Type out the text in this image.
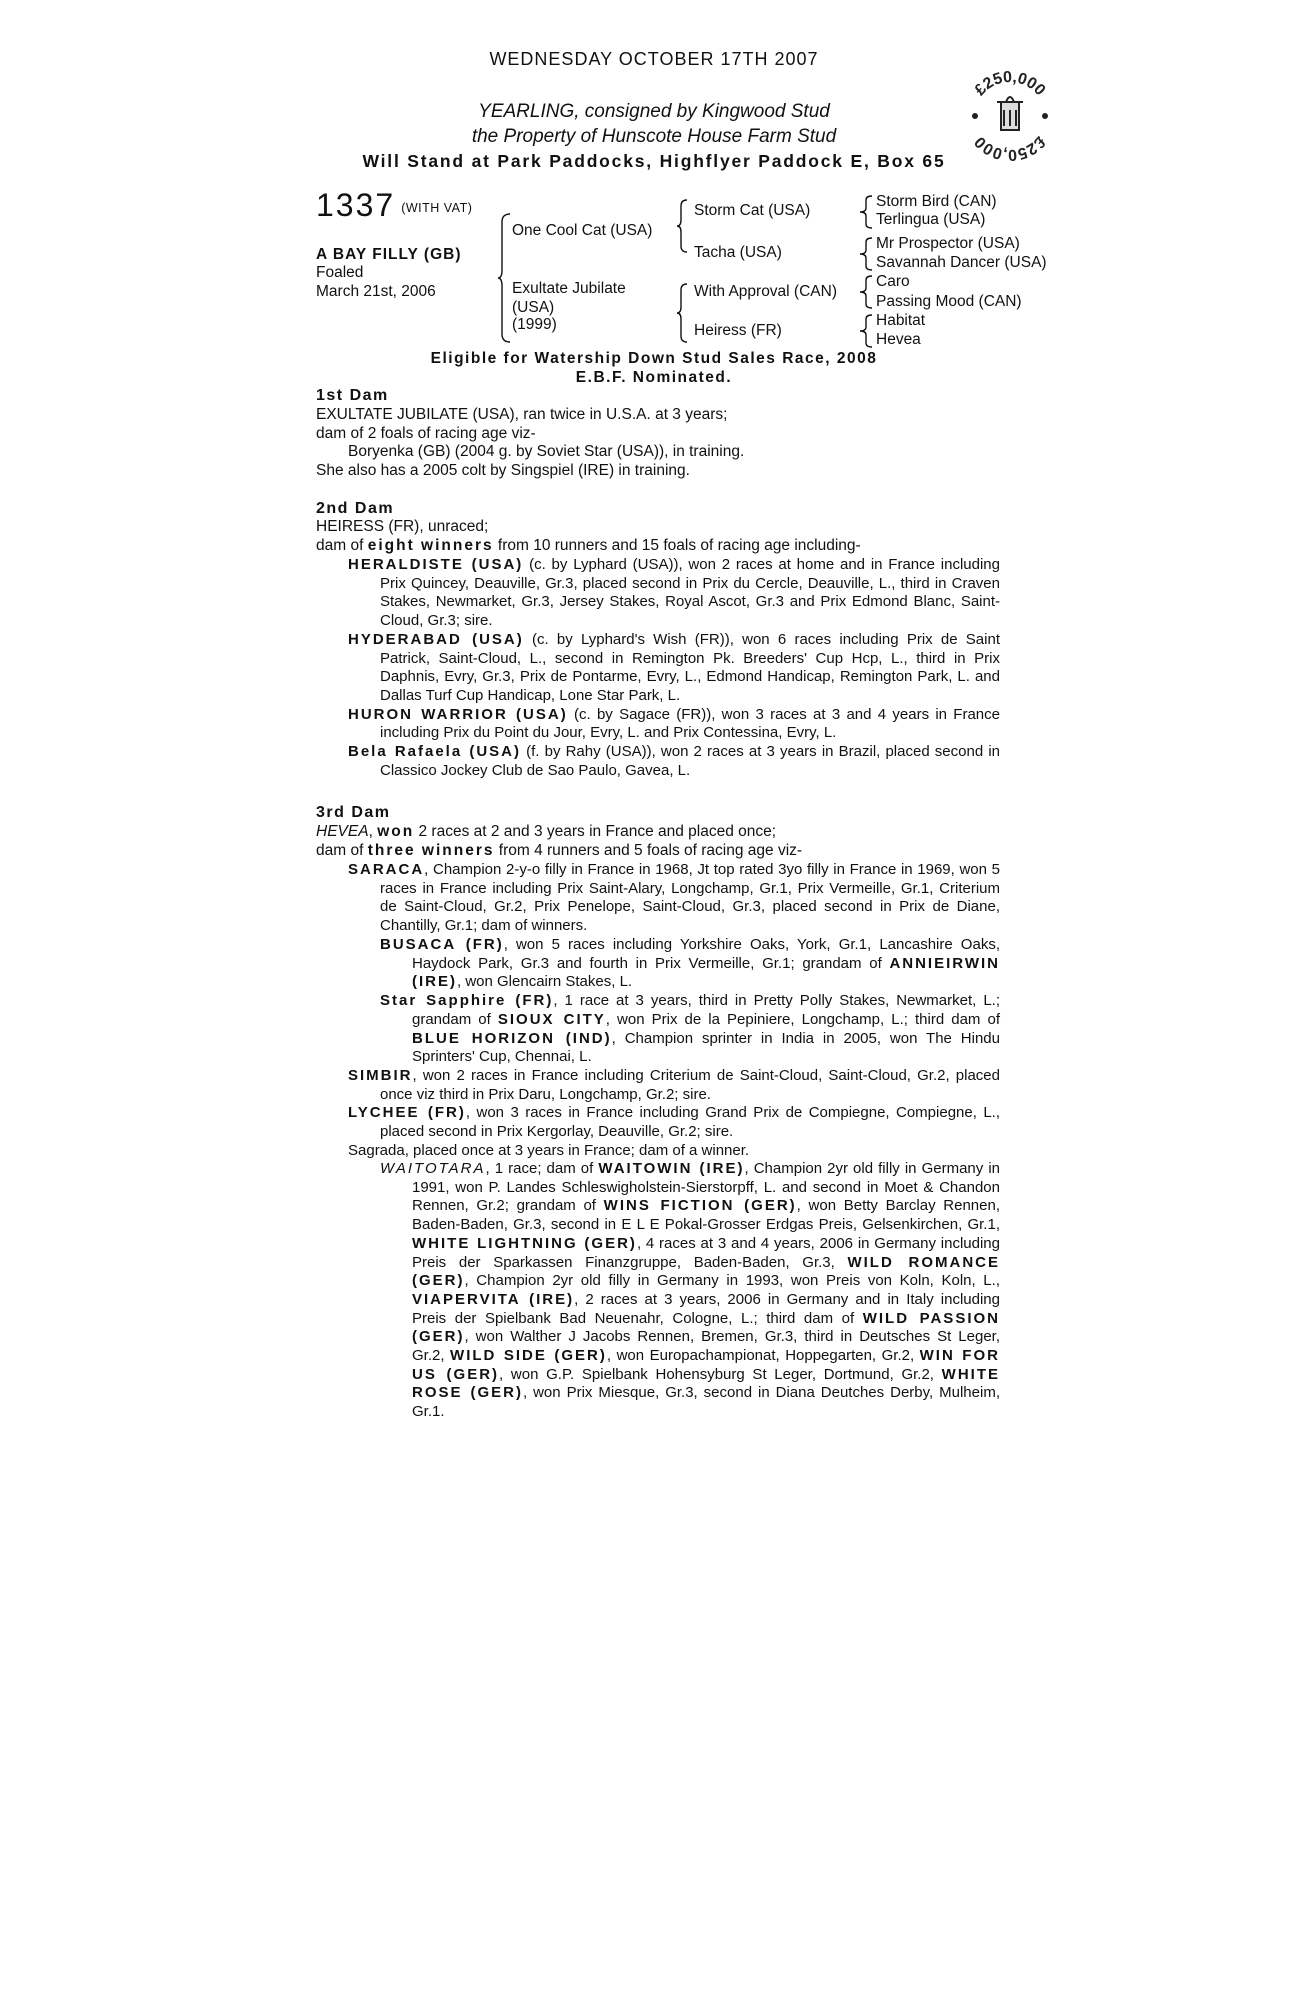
WEDNESDAY OCTOBER 17TH 2007
YEARLING, consigned by Kingwood Stud
the Property of Hunscote House Farm Stud
Will Stand at Park Paddocks, Highflyer Paddock E, Box 65
£250,000
£250,000
1337 (WITH VAT)
A BAY FILLY (GB)
Foaled
March 21st, 2006
One Cool Cat (USA)
Exultate Jubilate
(USA)
(1999)
Storm Cat (USA)
Tacha (USA)
With Approval (CAN)
Heiress (FR)
Storm Bird (CAN)
Terlingua (USA)
Mr Prospector (USA)
Savannah Dancer (USA)
Caro
Passing Mood (CAN)
Habitat
Hevea
Eligible for Watership Down Stud Sales Race, 2008
E.B.F. Nominated.
1st Dam
EXULTATE JUBILATE (USA), ran twice in U.S.A. at 3 years;
dam of 2 foals of racing age viz-
Boryenka (GB) (2004 g. by Soviet Star (USA)), in training.
She also has a 2005 colt by Singspiel (IRE) in training.
2nd Dam
HEIRESS (FR), unraced;
dam of eight winners from 10 runners and 15 foals of racing age including-

HERALDISTE (USA) (c. by Lyphard (USA)), won 2 races at home and in France including Prix Quincey, Deauville, Gr.3, placed second in Prix du Cercle, Deauville, L., third in Craven Stakes, Newmarket, Gr.3, Jersey Stakes, Royal Ascot, Gr.3 and Prix Edmond Blanc, Saint-Cloud, Gr.3; sire.

HYDERABAD (USA) (c. by Lyphard's Wish (FR)), won 6 races including Prix de Saint Patrick, Saint-Cloud, L., second in Remington Pk. Breeders' Cup Hcp, L., third in Prix Daphnis, Evry, Gr.3, Prix de Pontarme, Evry, L., Edmond Handicap, Remington Park, L. and Dallas Turf Cup Handicap, Lone Star Park, L.

HURON WARRIOR (USA) (c. by Sagace (FR)), won 3 races at 3 and 4 years in France including Prix du Point du Jour, Evry, L. and Prix Contessina, Evry, L.

Bela Rafaela (USA) (f. by Rahy (USA)), won 2 races at 3 years in Brazil, placed second in Classico Jockey Club de Sao Paulo, Gavea, L.

3rd Dam
HEVEA, won 2 races at 2 and 3 years in France and placed once;
dam of three winners from 4 runners and 5 foals of racing age viz-

SARACA, Champion 2-y-o filly in France in 1968, Jt top rated 3yo filly in France in 1969, won 5 races in France including Prix Saint-Alary, Longchamp, Gr.1, Prix Vermeille, Gr.1, Criterium de Saint-Cloud, Gr.2, Prix Penelope, Saint-Cloud, Gr.3, placed second in Prix de Diane, Chantilly, Gr.1; dam of winners.

BUSACA (FR), won 5 races including Yorkshire Oaks, York, Gr.1, Lancashire Oaks, Haydock Park, Gr.3 and fourth in Prix Vermeille, Gr.1; grandam of ANNIEIRWIN (IRE), won Glencairn Stakes, L.

Star Sapphire (FR), 1 race at 3 years, third in Pretty Polly Stakes, Newmarket, L.; grandam of SIOUX CITY, won Prix de la Pepiniere, Longchamp, L.; third dam of BLUE HORIZON (IND), Champion sprinter in India in 2005, won The Hindu Sprinters' Cup, Chennai, L.

SIMBIR, won 2 races in France including Criterium de Saint-Cloud, Saint-Cloud, Gr.2, placed once viz third in Prix Daru, Longchamp, Gr.2; sire.

LYCHEE (FR), won 3 races in France including Grand Prix de Compiegne, Compiegne, L., placed second in Prix Kergorlay, Deauville, Gr.2; sire.

Sagrada, placed once at 3 years in France; dam of a winner.

WAITOTARA, 1 race; dam of WAITOWIN (IRE), Champion 2yr old filly in Germany in 1991, won P. Landes Schleswigholstein-Sierstorpff, L. and second in Moet & Chandon Rennen, Gr.2; grandam of WINS FICTION (GER), won Betty Barclay Rennen, Baden-Baden, Gr.3, second in E L E Pokal-Grosser Erdgas Preis, Gelsenkirchen, Gr.1, WHITE LIGHTNING (GER), 4 races at 3 and 4 years, 2006 in Germany including Preis der Sparkassen Finanzgruppe, Baden-Baden, Gr.3, WILD ROMANCE (GER), Champion 2yr old filly in Germany in 1993, won Preis von Koln, Koln, L., VIAPERVITA (IRE), 2 races at 3 years, 2006 in Germany and in Italy including Preis der Spielbank Bad Neuenahr, Cologne, L.; third dam of WILD PASSION (GER), won Walther J Jacobs Rennen, Bremen, Gr.3, third in Deutsches St Leger, Gr.2, WILD SIDE (GER), won Europachampionat, Hoppegarten, Gr.2, WIN FOR US (GER), won G.P. Spielbank Hohensyburg St Leger, Dortmund, Gr.2, WHITE ROSE (GER), won Prix Miesque, Gr.3, second in Diana Deutches Derby, Mulheim, Gr.1.
